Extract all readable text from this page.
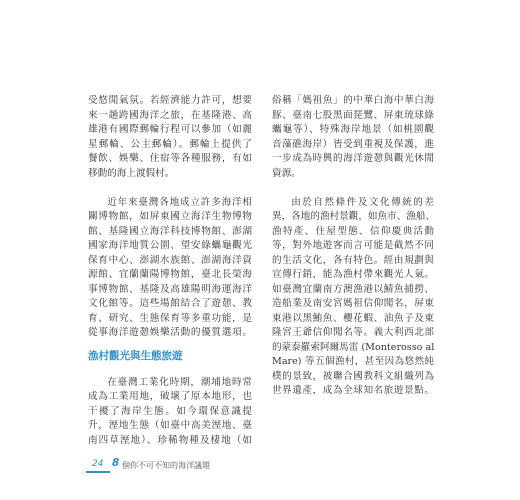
受悠閒氣氛。若經濟能力許可，想要
來一趟跨國海洋之旅，在基隆港、高
雄港有國際郵輪行程可以參加（如麗
星郵輪、公主郵輪）。郵輪上提供了
餐飲、娛樂、住宿等各種服務，有如
移動的海上渡假村。
近年來臺灣各地成立許多海洋相
關博物館，如屏東國立海洋生物博物
館、基隆國立海洋科技博物館、澎湖
國家海洋地質公園、望安綠蠵龜觀光
保育中心、澎湖水族館、澎湖海洋資
源館、宜蘭蘭陽博物館，臺北長榮海
事博物館、基隆及高雄陽明海運海洋
文化館等。這些場館結合了遊憩、教
育、研究、生態保育等多重功能，是
從事海洋遊憩娛樂活動的優質選項。
漁村觀光與生態旅遊
在臺灣工業化時期，潮埔地時常
成為工業用地，破壞了原本地形，也
干擾了海岸生態。如今環保意識提
升，溼地生態（如臺中高美溼地、臺
南四草溼地）、珍稀物種及棲地（如
俗稱「媽祖魚」的中華白海中華白海
豚、臺南七股黑面琵鷺、屏東琉球綠
蠵龜等）、特殊海岸地景（如桃園觀
音藻礁海岸）皆受到重視及保護，進
一步成為時興的海洋遊憩與觀光休閒
資源。
由於自然條件及文化傳統的差
異，各地的漁村景觀，如魚市、漁船、
漁特產、住屋型態、信仰慶典活動
等，對外地遊客而言可能是截然不同
的生活文化，各有特色。經由規劃與
宣傳行銷，能為漁村帶來觀光人氣。
如臺灣宜蘭南方澳漁港以鯖魚捕撈、
造船業及南安宮媽祖信仰聞名，屏東
東港以黑鮪魚、櫻花蝦、油魚子及東
隆宮王爺信仰聞名等。義大利西北部
的蒙泰羅索阿爾馬雷 (Monterosso al
Mare) 等五個漁村，甚至因為悠然純
樸的景致，被聯合國教科文組織列為
世界遺產，成為全球知名旅遊景點。
24 8 個你不可不知的海洋議題
